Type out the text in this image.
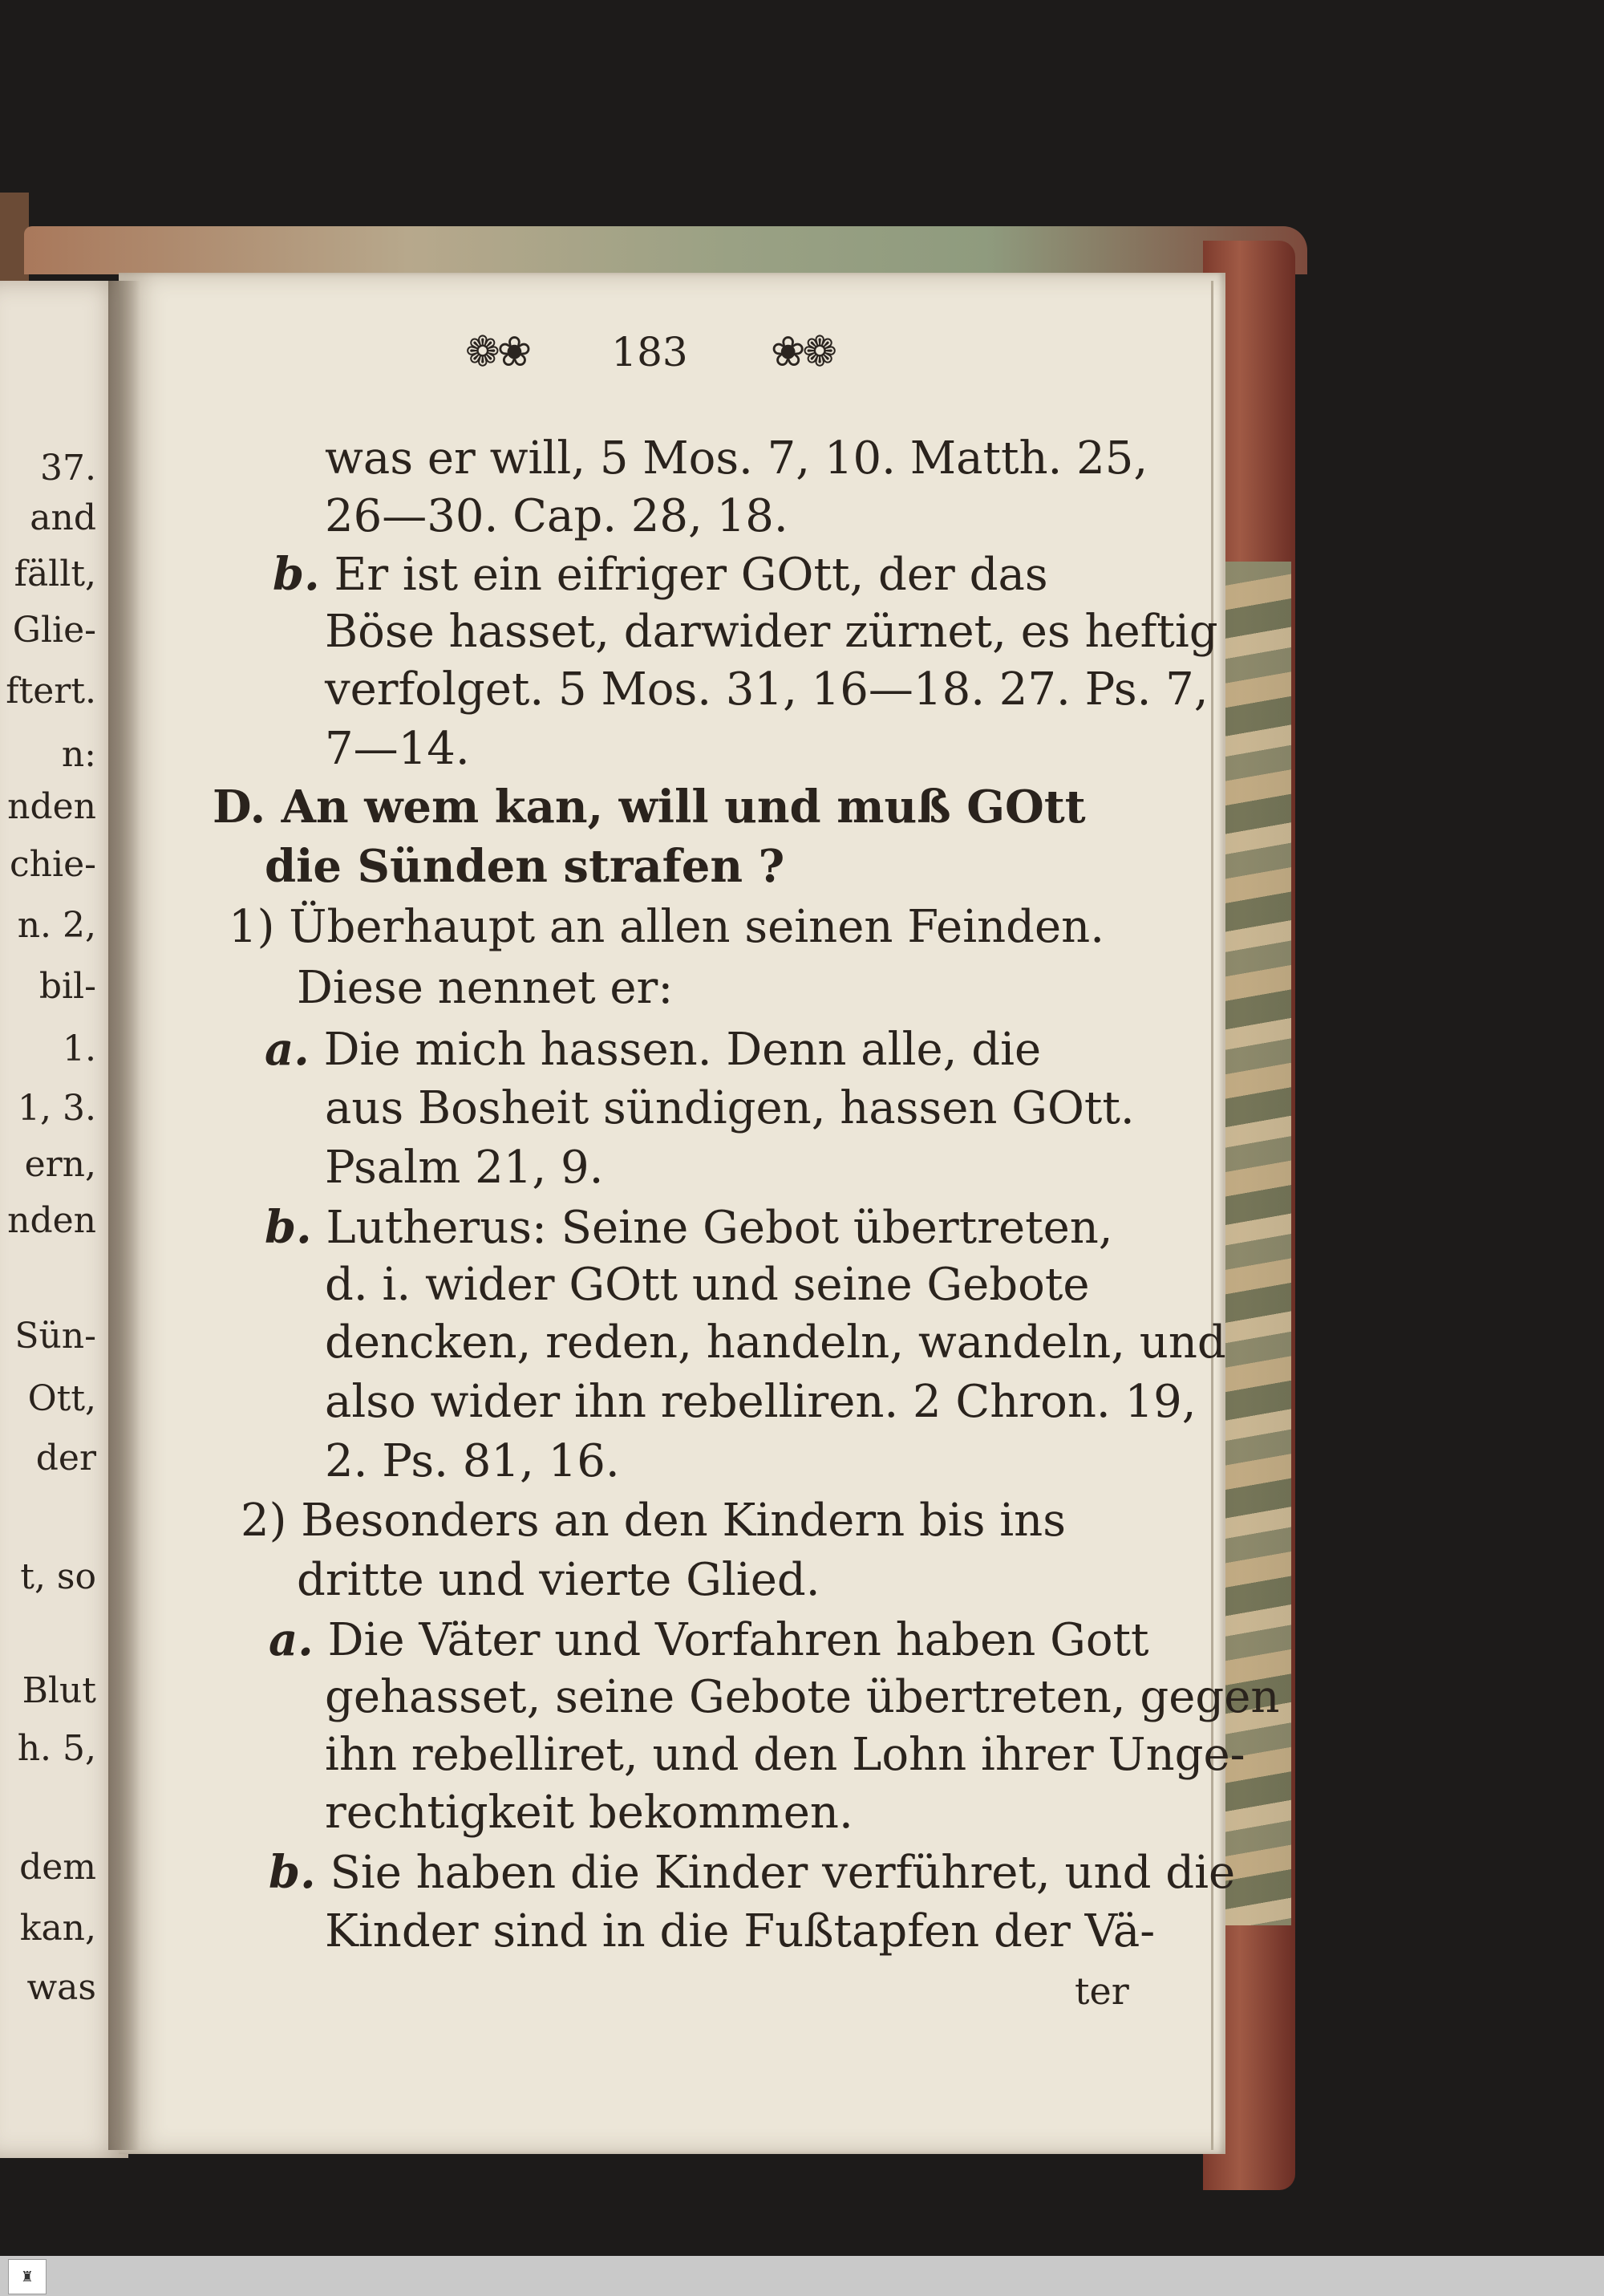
37.
and
fällt,
Glie-
ftert.
n:
nden
chie-
n. 2,
bil-
1.
1, 3.
ern,
nden
Sün-
Ott,
der
t, so
Blut
h. 5,
dem
kan,
was
❁❀ 183 ❀❁
was er will, 5 Mos. 7, 10. Matth. 25,
26—30. Cap. 28, 18.
b. Er ist ein eifriger GOtt, der das
Böse hasset, darwider zürnet, es heftig
verfolget. 5 Mos. 31, 16—18. 27. Ps. 7,
7—14.
D. An wem kan, will und muß GOtt
die Sünden strafen ?
1) Überhaupt an allen seinen Feinden.
Diese nennet er:
a. Die mich hassen. Denn alle, die
aus Bosheit sündigen, hassen GOtt.
Psalm 21, 9.
b. Lutherus: Seine Gebot übertreten,
d. i. wider GOtt und seine Gebote
dencken, reden, handeln, wandeln, und
also wider ihn rebelliren. 2 Chron. 19,
2. Ps. 81, 16.
2) Besonders an den Kindern bis ins
dritte und vierte Glied.
a. Die Väter und Vorfahren haben Gott
gehasset, seine Gebote übertreten, gegen
ihn rebelliret, und den Lohn ihrer Unge-
rechtigkeit bekommen.
b. Sie haben die Kinder verführet, und die
Kinder sind in die Fußtapfen der Vä-
ter
♜
